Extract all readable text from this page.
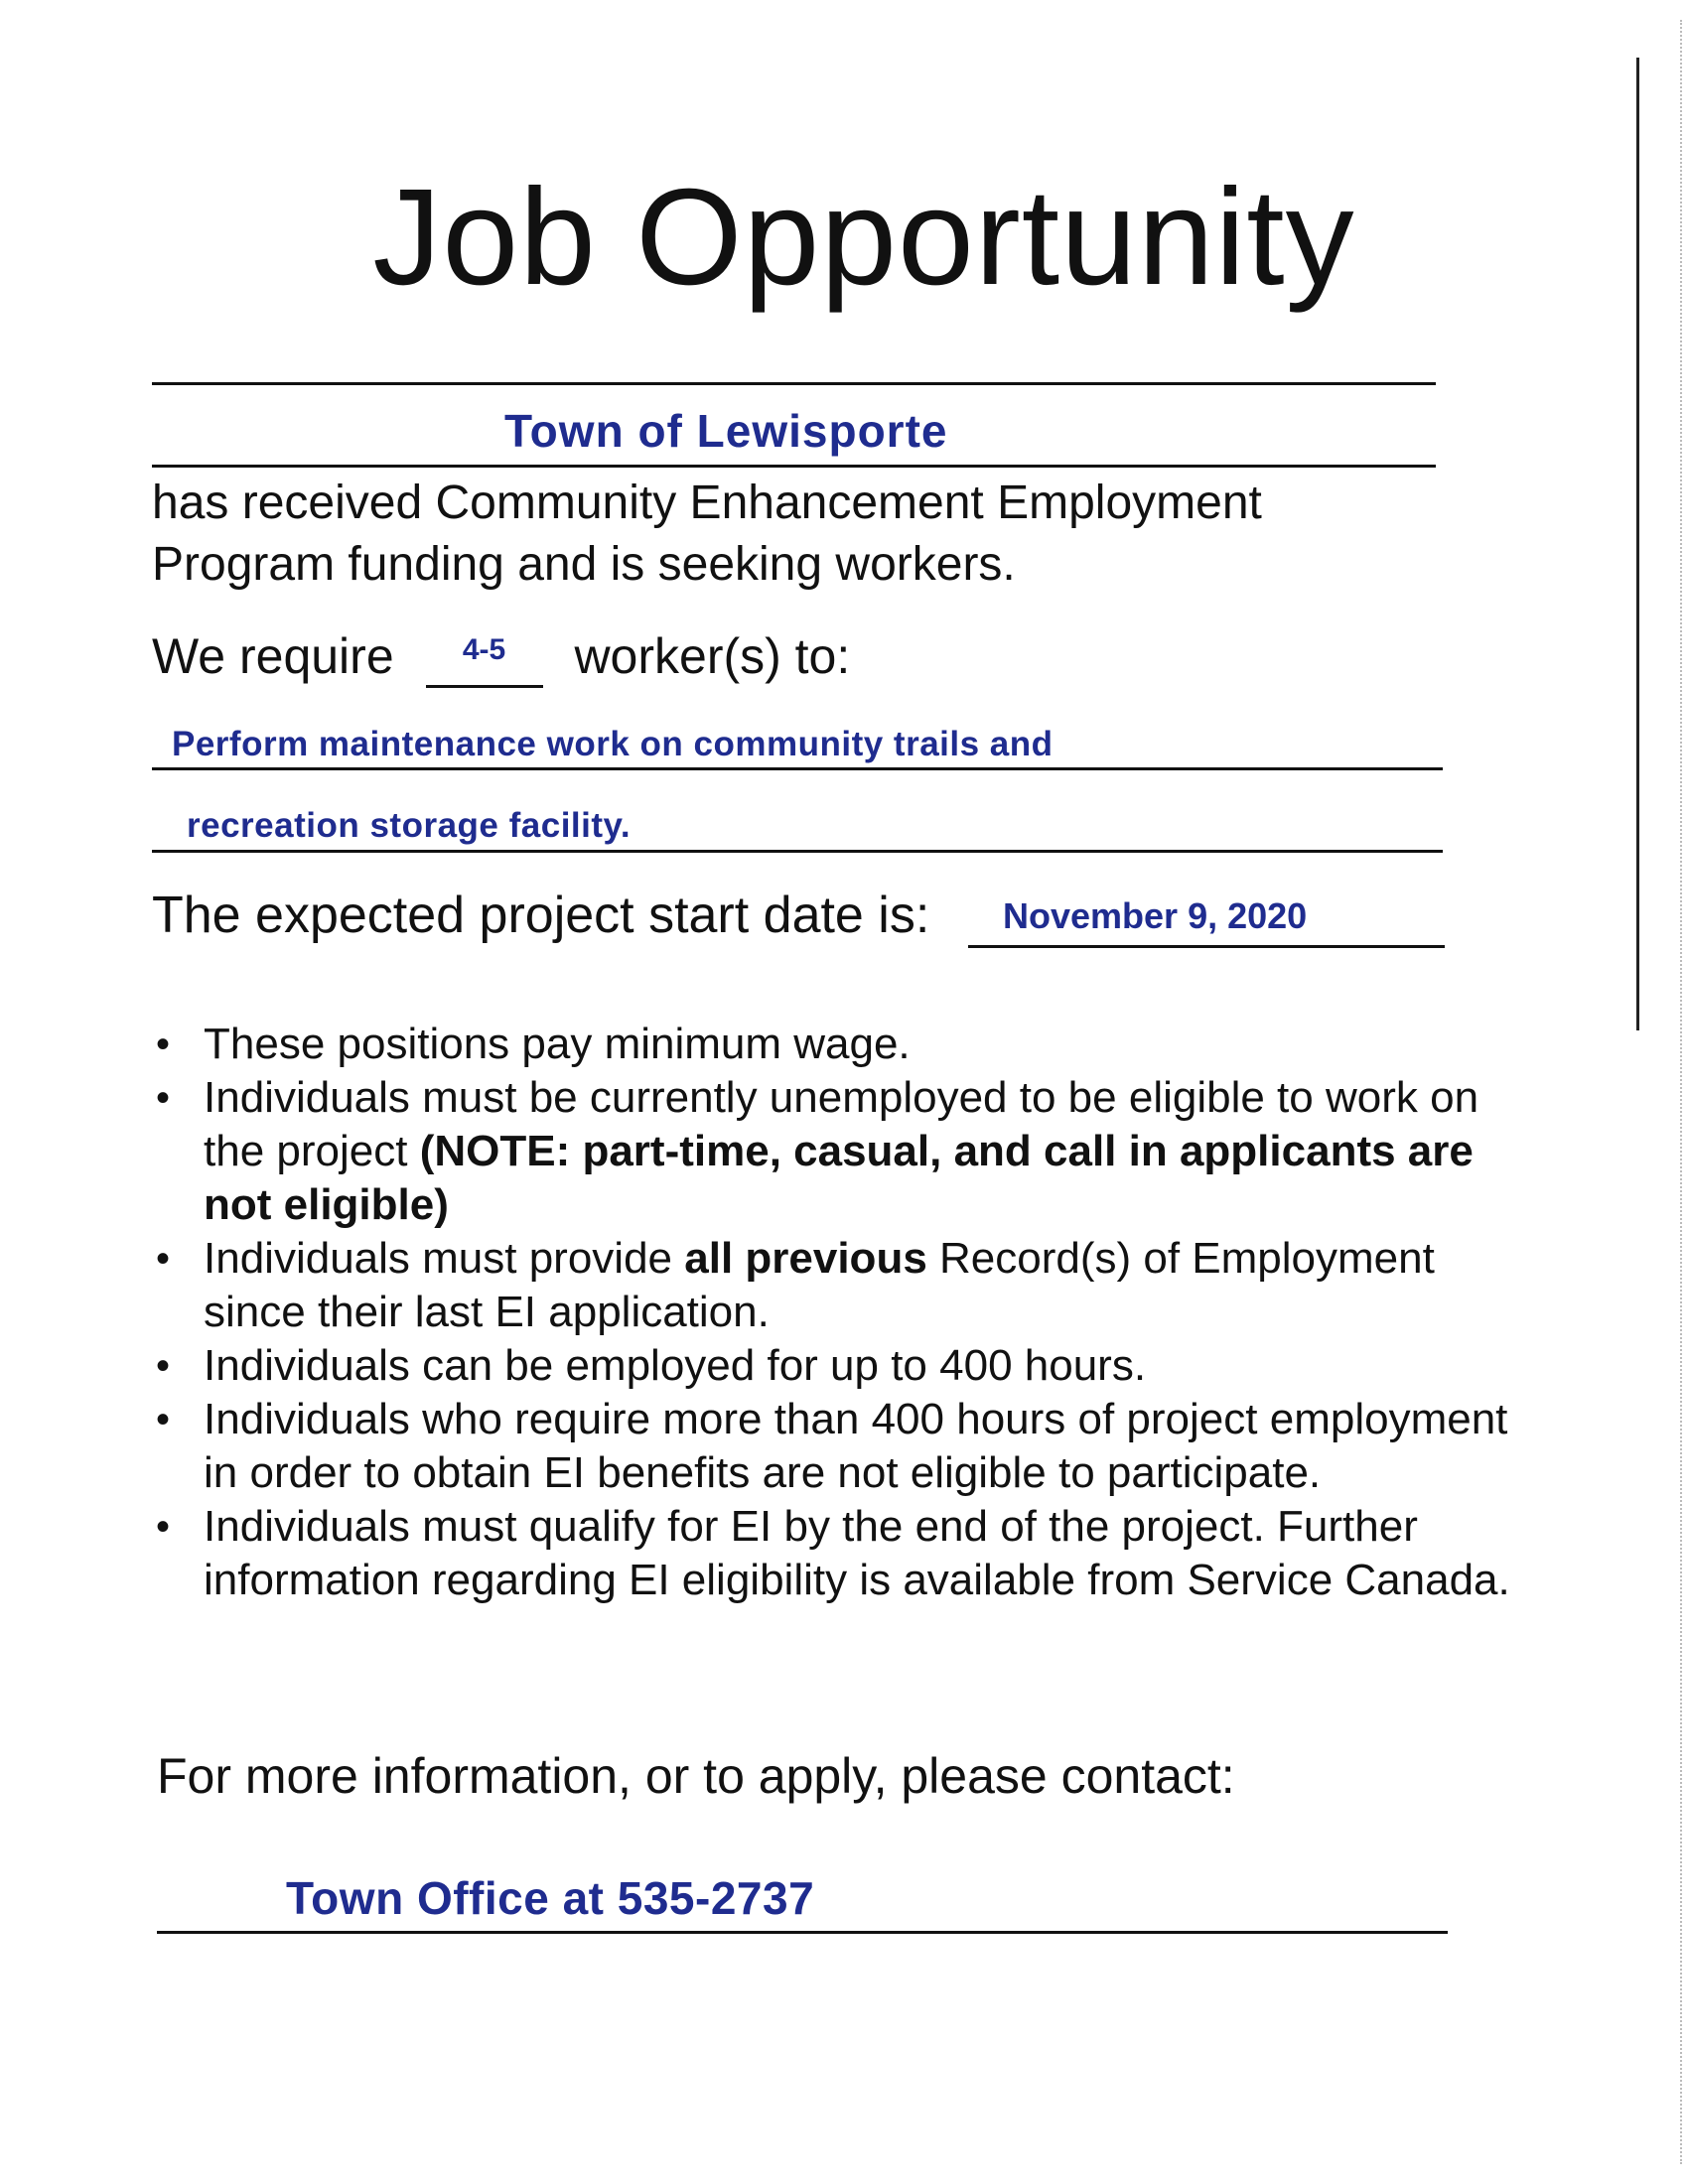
Job Opportunity
Town of Lewisporte
has received Community Enhancement Employment
Program funding and is seeking workers.
We require $^{4-5}$ worker(s) to:
Perform maintenance work on community trails and
recreation storage facility.
The expected project start date is: November 9, 2020
• These positions pay minimum wage.
• Individuals must be currently unemployed to be eligible to work on the project (NOTE: part-time, casual, and call in applicants are not eligible)
• Individuals must provide all previous Record(s) of Employment since their last EI application.
• Individuals can be employed for up to 400 hours.
• Individuals who require more than 400 hours of project employment in order to obtain EI benefits are not eligible to participate.
• Individuals must qualify for EI by the end of the project. Further information regarding EI eligibility is available from Service Canada.
For more information, or to apply, please contact:
Town Office at 535-2737
